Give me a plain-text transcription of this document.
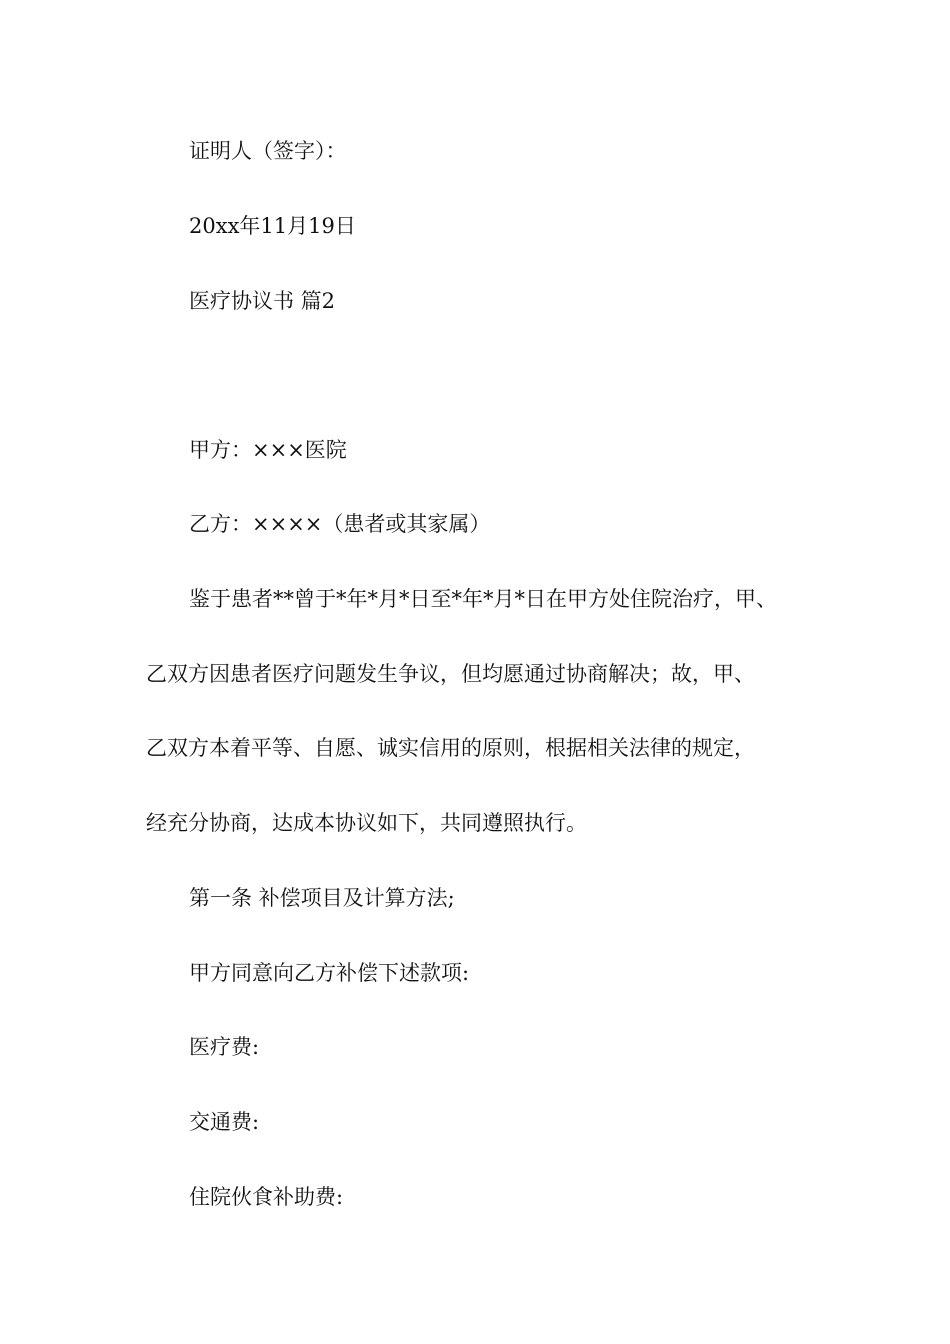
证明人（签字）：

20xx年11月19日

医疗协议书 篇2

甲方：×××医院

乙方：××××（患者或其家属）

鉴于患者**曾于*年*月*日至*年*月*日在甲方处住院治疗，甲、

乙双方因患者医疗问题发生争议，但均愿通过协商解决；故，甲、

乙双方本着平等、自愿、诚实信用的原则，根据相关法律的规定，

经充分协商，达成本协议如下，共同遵照执行。

第一条 补偿项目及计算方法;

甲方同意向乙方补偿下述款项:

医疗费:

交通费:

住院伙食补助费:
